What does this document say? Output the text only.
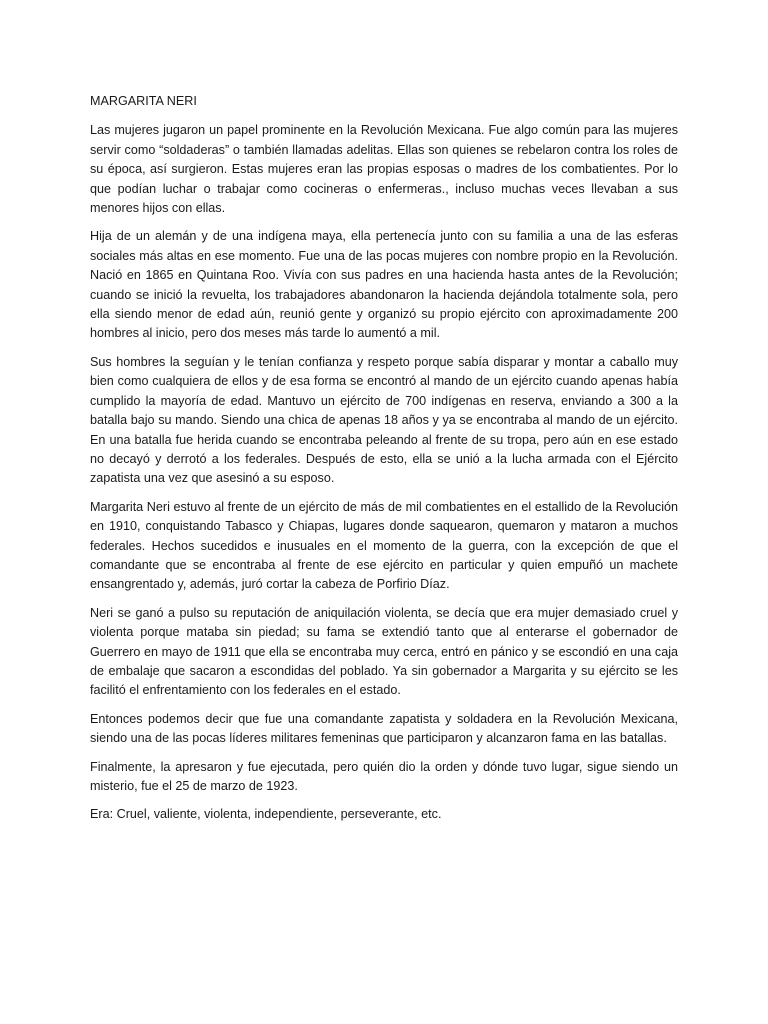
MARGARITA NERI

Las mujeres jugaron un papel prominente en la Revolución Mexicana. Fue algo común para las mujeres servir como “soldaderas” o también llamadas adelitas. Ellas son quienes se rebelaron contra los roles de su época, así surgieron. Estas mujeres eran las propias esposas o madres de los combatientes. Por lo que podían luchar o trabajar como cocineras o enfermeras., incluso muchas veces llevaban a sus menores hijos con ellas.

Hija de un alemán y de una indígena maya, ella pertenecía junto con su familia a una de las esferas sociales más altas en ese momento. Fue una de las pocas mujeres con nombre propio en la Revolución. Nació en 1865 en Quintana Roo. Vivía con sus padres en una hacienda hasta antes de la Revolución; cuando se inició la revuelta, los trabajadores abandonaron la hacienda dejándola totalmente sola, pero ella siendo menor de edad aún, reunió gente y organizó su propio ejército con aproximadamente 200 hombres al inicio, pero dos meses más tarde lo aumentó a mil.

Sus hombres la seguían y le tenían confianza y respeto porque sabía disparar y montar a caballo muy bien como cualquiera de ellos y de esa forma se encontró al mando de un ejército cuando apenas había cumplido la mayoría de edad. Mantuvo un ejército de 700 indígenas en reserva, enviando a 300 a la batalla bajo su mando. Siendo una chica de apenas 18 años y ya se encontraba al mando de un ejército. En una batalla fue herida cuando se encontraba peleando al frente de su tropa, pero aún en ese estado no decayó y derrotó a los federales. Después de esto, ella se unió a la lucha armada con el Ejército zapatista una vez que asesinó a su esposo.

Margarita Neri estuvo al frente de un ejército de más de mil combatientes en el estallido de la Revolución en 1910, conquistando Tabasco y Chiapas, lugares donde saquearon, quemaron y mataron a muchos federales. Hechos sucedidos e inusuales en el momento de la guerra, con la excepción de que el comandante que se encontraba al frente de ese ejército en particular y quien empuñó un machete ensangrentado y, además, juró cortar la cabeza de Porfirio Díaz.

Neri se ganó a pulso su reputación de aniquilación violenta, se decía que era mujer demasiado cruel y violenta porque mataba sin piedad; su fama se extendió tanto que al enterarse el gobernador de Guerrero en mayo de 1911 que ella se encontraba muy cerca, entró en pánico y se escondió en una caja de embalaje que sacaron a escondidas del poblado. Ya sin gobernador a Margarita y su ejército se les facilitó el enfrentamiento con los federales en el estado.

Entonces podemos decir que fue una comandante zapatista y soldadera en la Revolución Mexicana, siendo una de las pocas líderes militares femeninas que participaron y alcanzaron fama en las batallas.

Finalmente, la apresaron y fue ejecutada, pero quién dio la orden y dónde tuvo lugar, sigue siendo un misterio, fue el 25 de marzo de 1923.

Era: Cruel, valiente, violenta, independiente, perseverante, etc.
